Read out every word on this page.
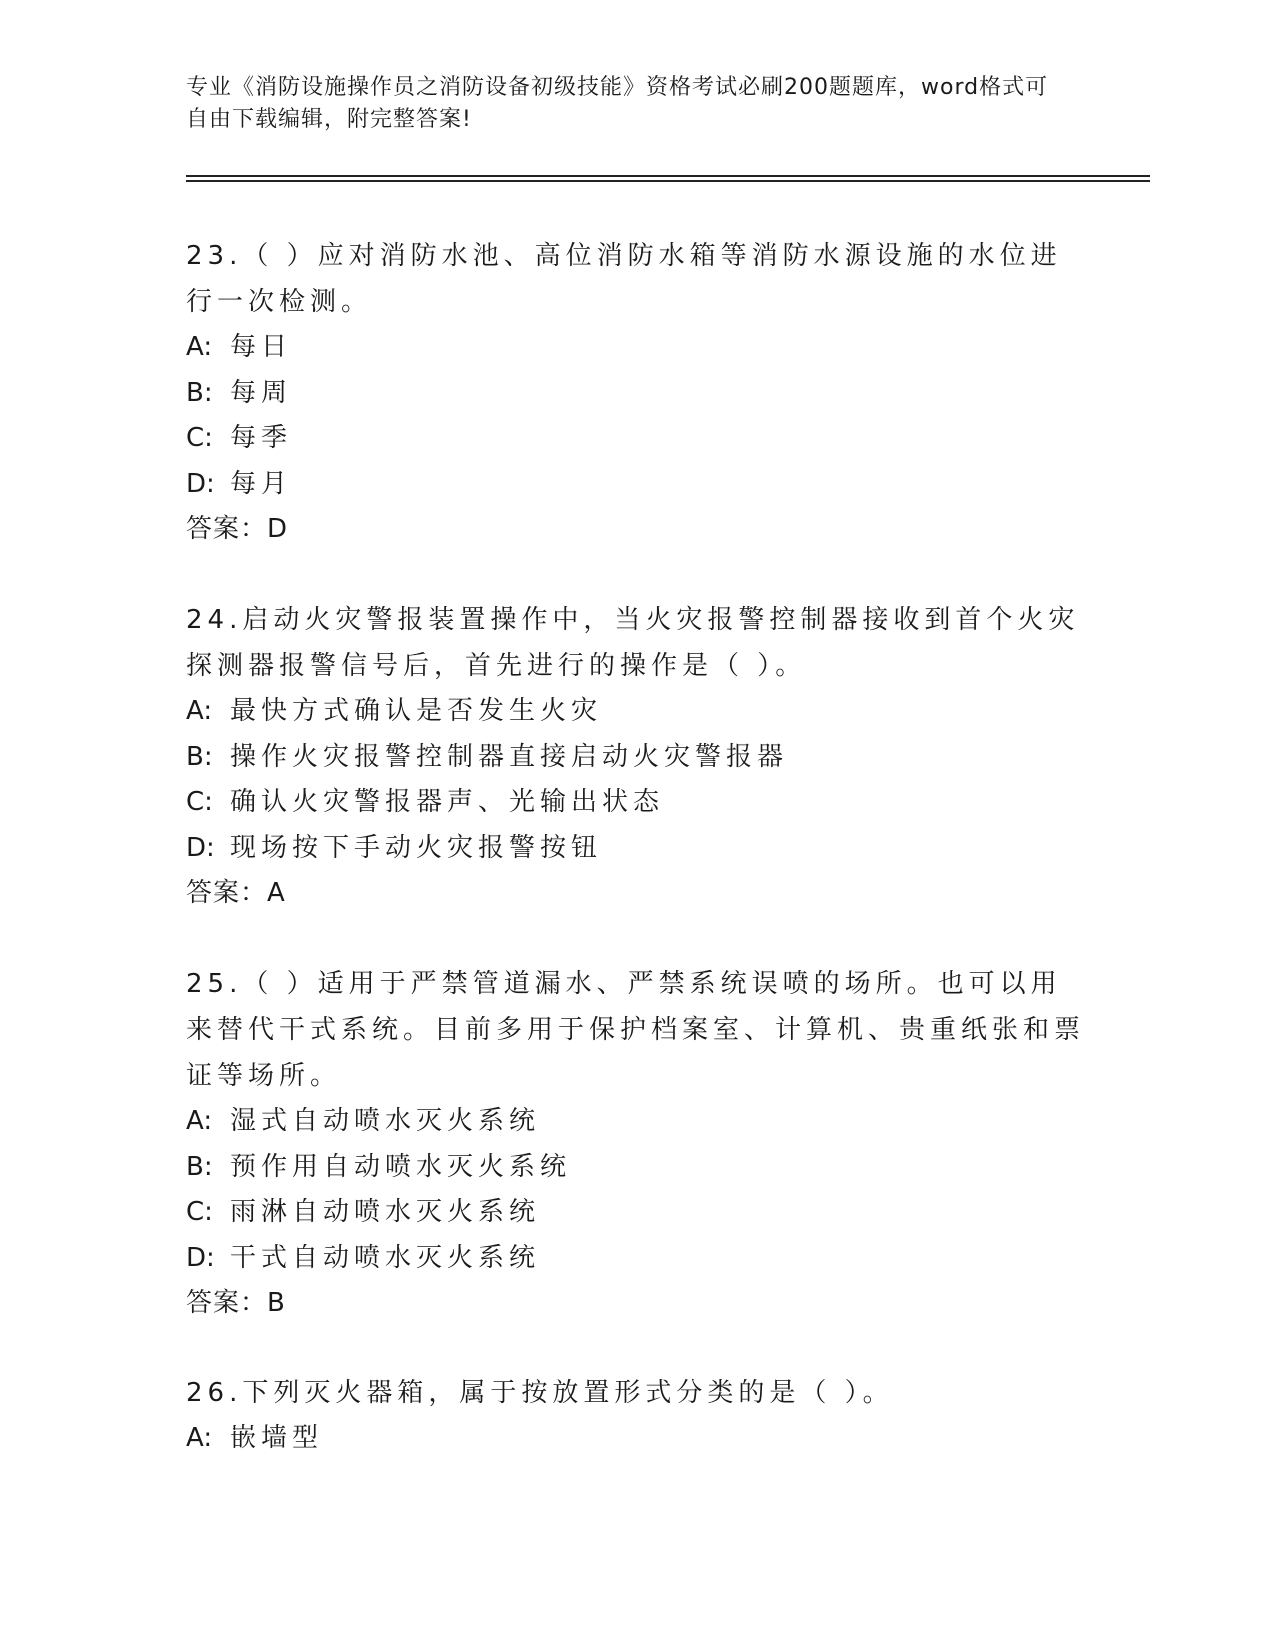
专业《消防设施操作员之消防设备初级技能》资格考试必刷200题题库，word格式可自由下载编辑，附完整答案!
23.（ ）应对消防水池、高位消防水箱等消防水源设施的水位进行一次检测。
A: 每日
B: 每周
C: 每季
D: 每月
答案：D
24.启动火灾警报装置操作中，当火灾报警控制器接收到首个火灾探测器报警信号后，首先进行的操作是（ ）。
A: 最快方式确认是否发生火灾
B: 操作火灾报警控制器直接启动火灾警报器
C: 确认火灾警报器声、光输出状态
D: 现场按下手动火灾报警按钮
答案：A
25.（ ）适用于严禁管道漏水、严禁系统误喷的场所。也可以用来替代干式系统。目前多用于保护档案室、计算机、贵重纸张和票证等场所。
A: 湿式自动喷水灭火系统
B: 预作用自动喷水灭火系统
C: 雨淋自动喷水灭火系统
D: 干式自动喷水灭火系统
答案：B
26.下列灭火器箱，属于按放置形式分类的是（ ）。
A: 嵌墙型
